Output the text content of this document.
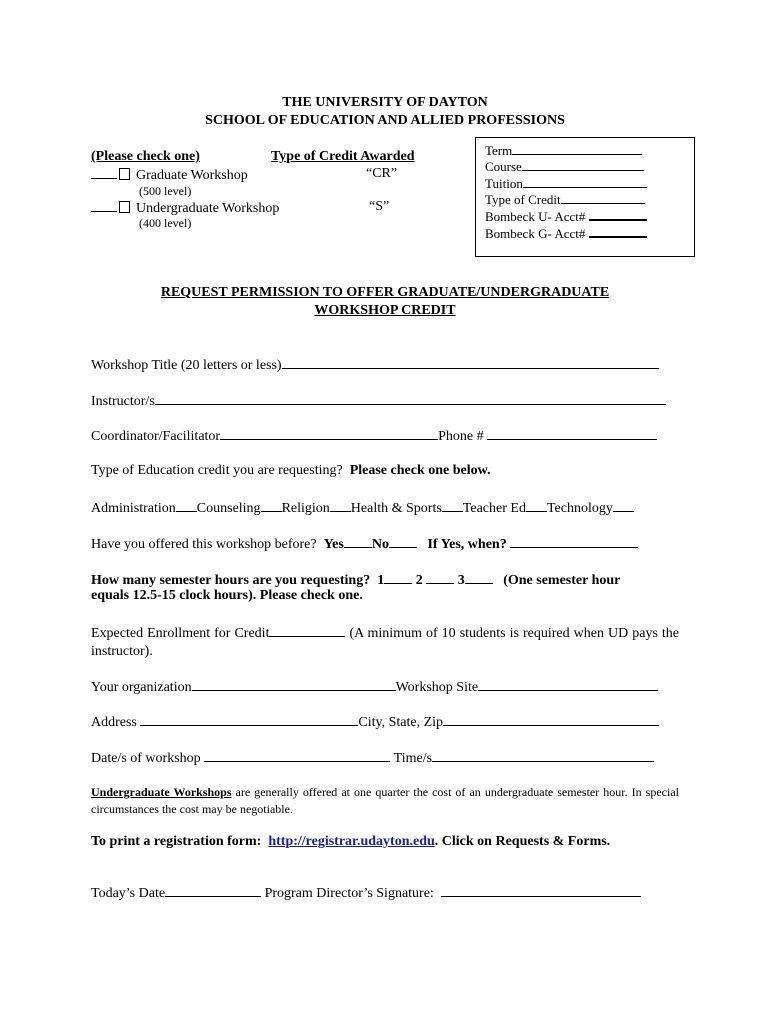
THE UNIVERSITY OF DAYTON
SCHOOL OF EDUCATION AND ALLIED PROFESSIONS
(Please check one)	Type of Credit Awarded
Graduate Workshop	“CR”
(500 level)
Undergraduate Workshop	“S”
(400 level)
Term
Course
Tuition
Type of Credit
Bombeck U- Acct#
Bombeck G- Acct#
REQUEST PERMISSION TO OFFER GRADUATE/UNDERGRADUATE
WORKSHOP CREDIT
Workshop Title (20 letters or less)
Instructor/s
Coordinator/Facilitator	Phone #
Type of Education credit you are requesting? Please check one below.
Administration Counseling Religion Health & Sports Teacher Ed Technology
Have you offered this workshop before? Yes No	If Yes, when?
How many semester hours are you requesting? 1 2	3	(One semester hour
equals 12.5-15 clock hours). Please check one.
Expected Enrollment for Credit	(A minimum of 10 students is required when UD pays the instructor).
Your organization	Workshop Site
Address	City, State, Zip
Date/s of workshop	Time/s
Undergraduate Workshops are generally offered at one quarter the cost of an undergraduate semester hour. In special circumstances the cost may be negotiable.
To print a registration form: http://registrar.udayton.edu. Click on Requests & Forms.
Today’s Date	Program Director’s Signature:
